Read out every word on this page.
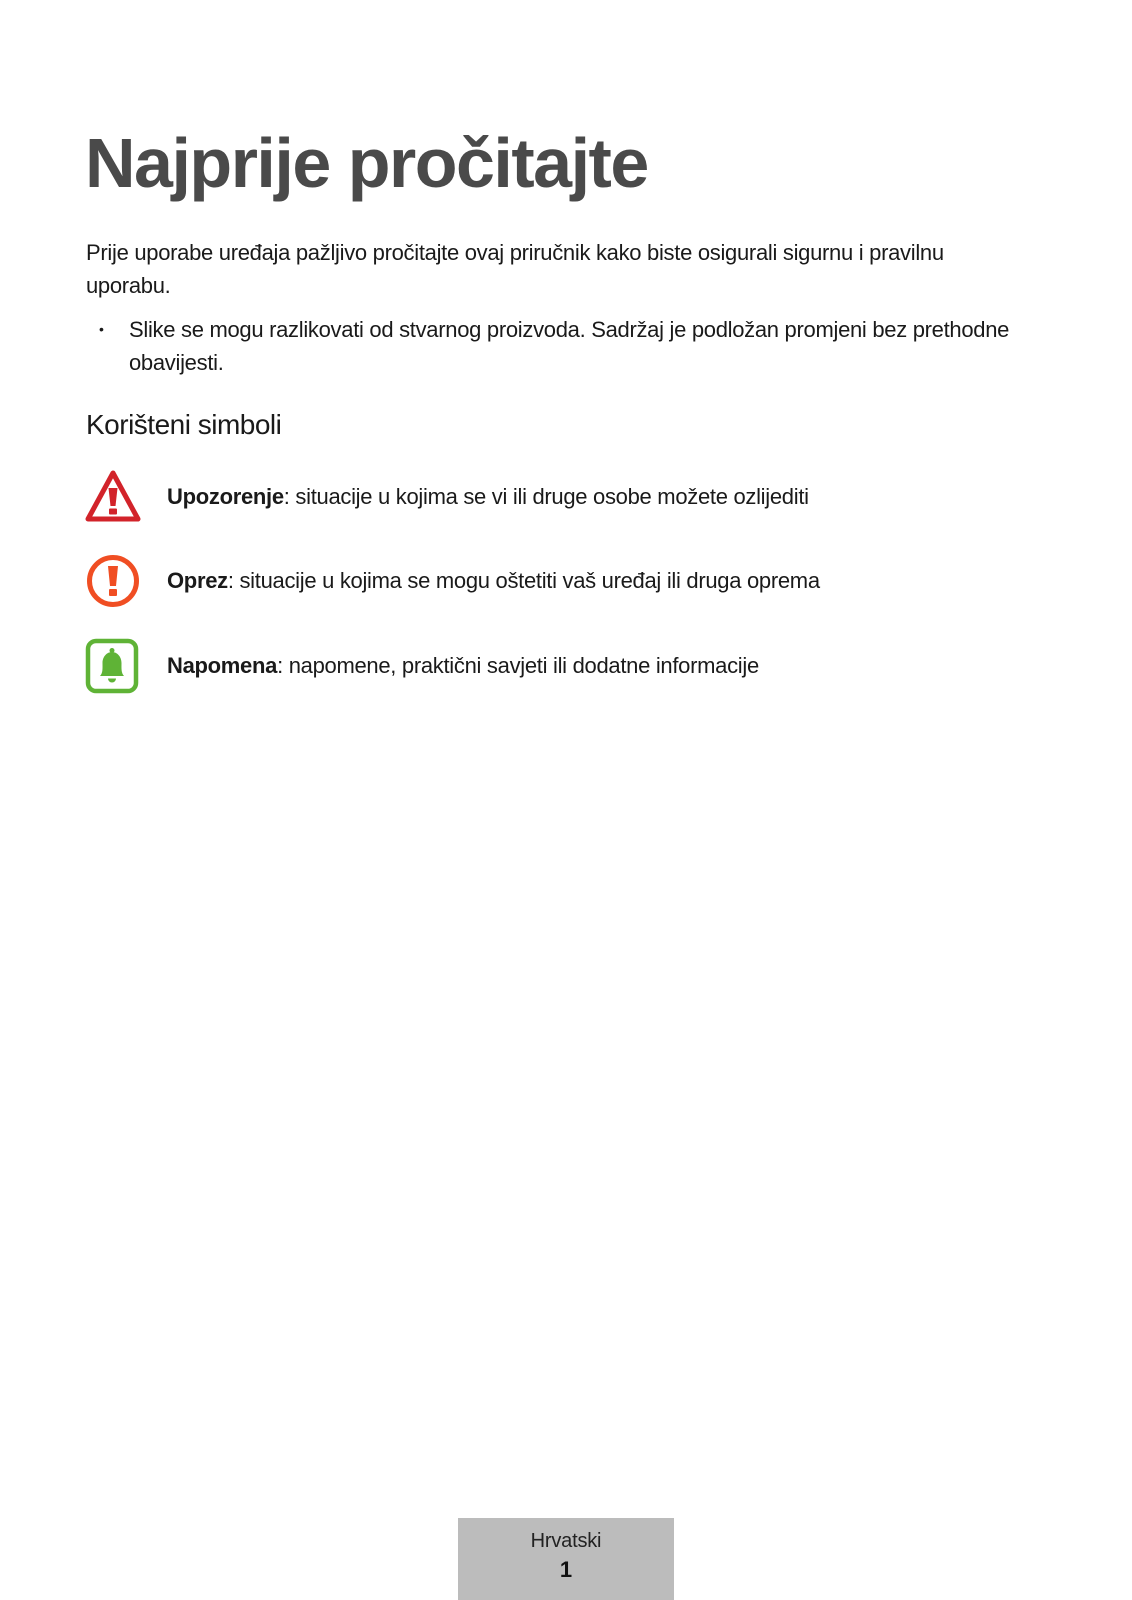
Najprije pročitajte

Prije uporabe uređaja pažljivo pročitajte ovaj priručnik kako biste osigurali sigurnu i pravilnu uporabu.

• Slike se mogu razlikovati od stvarnog proizvoda. Sadržaj je podložan promjeni bez prethodne obavijesti.
Korišteni simboli
Upozorenje: situacije u kojima se vi ili druge osobe možete ozlijediti
Oprez: situacije u kojima se mogu oštetiti vaš uređaj ili druga oprema
Napomena: napomene, praktični savjeti ili dodatne informacije
Hrvatski
1
